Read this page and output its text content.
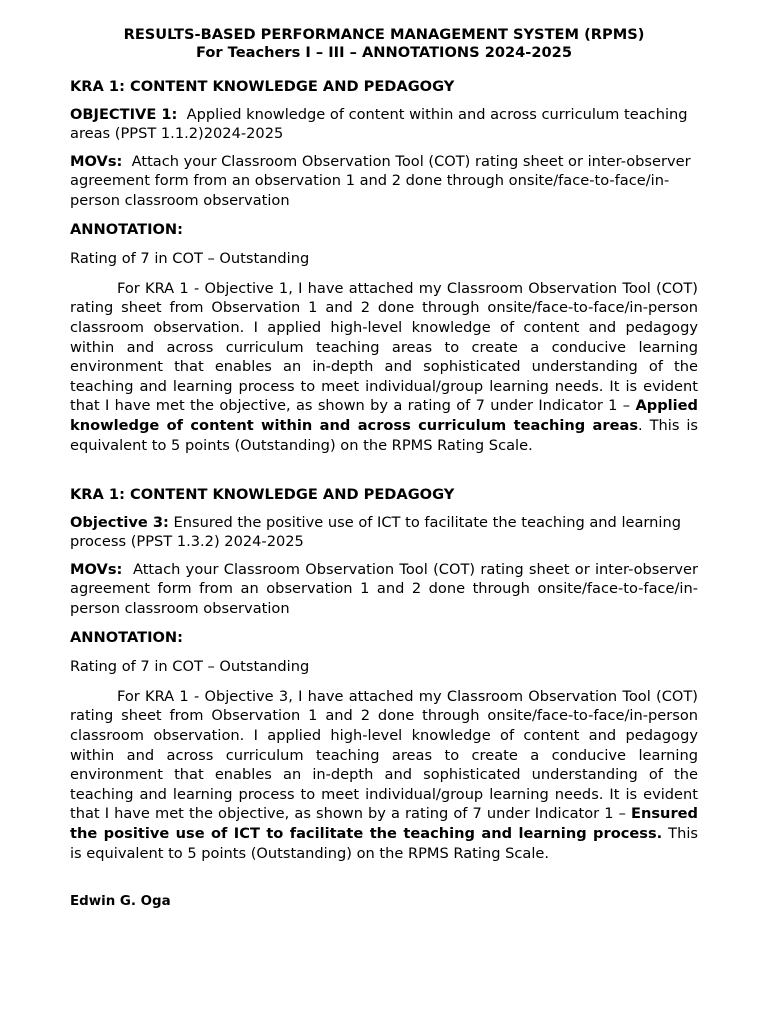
RESULTS-BASED PERFORMANCE MANAGEMENT SYSTEM (RPMS)
For Teachers I – III – ANNOTATIONS 2024-2025

KRA 1: CONTENT KNOWLEDGE AND PEDAGOGY

OBJECTIVE 1: Applied knowledge of content within and across curriculum teaching areas (PPST 1.1.2)2024-2025

MOVs: Attach your Classroom Observation Tool (COT) rating sheet or inter-observer agreement form from an observation 1 and 2 done through onsite/face-to-face/in-person classroom observation

ANNOTATION:

Rating of 7 in COT – Outstanding

For KRA 1 - Objective 1, I have attached my Classroom Observation Tool (COT) rating sheet from Observation 1 and 2 done through onsite/face-to-face/in-person classroom observation. I applied high-level knowledge of content and pedagogy within and across curriculum teaching areas to create a conducive learning environment that enables an in-depth and sophisticated understanding of the teaching and learning process to meet individual/group learning needs. It is evident that I have met the objective, as shown by a rating of 7 under Indicator 1 – Applied knowledge of content within and across curriculum teaching areas. This is equivalent to 5 points (Outstanding) on the RPMS Rating Scale.

KRA 1: CONTENT KNOWLEDGE AND PEDAGOGY

Objective 3: Ensured the positive use of ICT to facilitate the teaching and learning process (PPST 1.3.2) 2024-2025

MOVs: Attach your Classroom Observation Tool (COT) rating sheet or inter-observer agreement form from an observation 1 and 2 done through onsite/face-to-face/in-person classroom observation

ANNOTATION:

Rating of 7 in COT – Outstanding

For KRA 1 - Objective 3, I have attached my Classroom Observation Tool (COT) rating sheet from Observation 1 and 2 done through onsite/face-to-face/in-person classroom observation. I applied high-level knowledge of content and pedagogy within and across curriculum teaching areas to create a conducive learning environment that enables an in-depth and sophisticated understanding of the teaching and learning process to meet individual/group learning needs. It is evident that I have met the objective, as shown by a rating of 7 under Indicator 1 – Ensured the positive use of ICT to facilitate the teaching and learning process. This is equivalent to 5 points (Outstanding) on the RPMS Rating Scale.

Edwin G. Oga
